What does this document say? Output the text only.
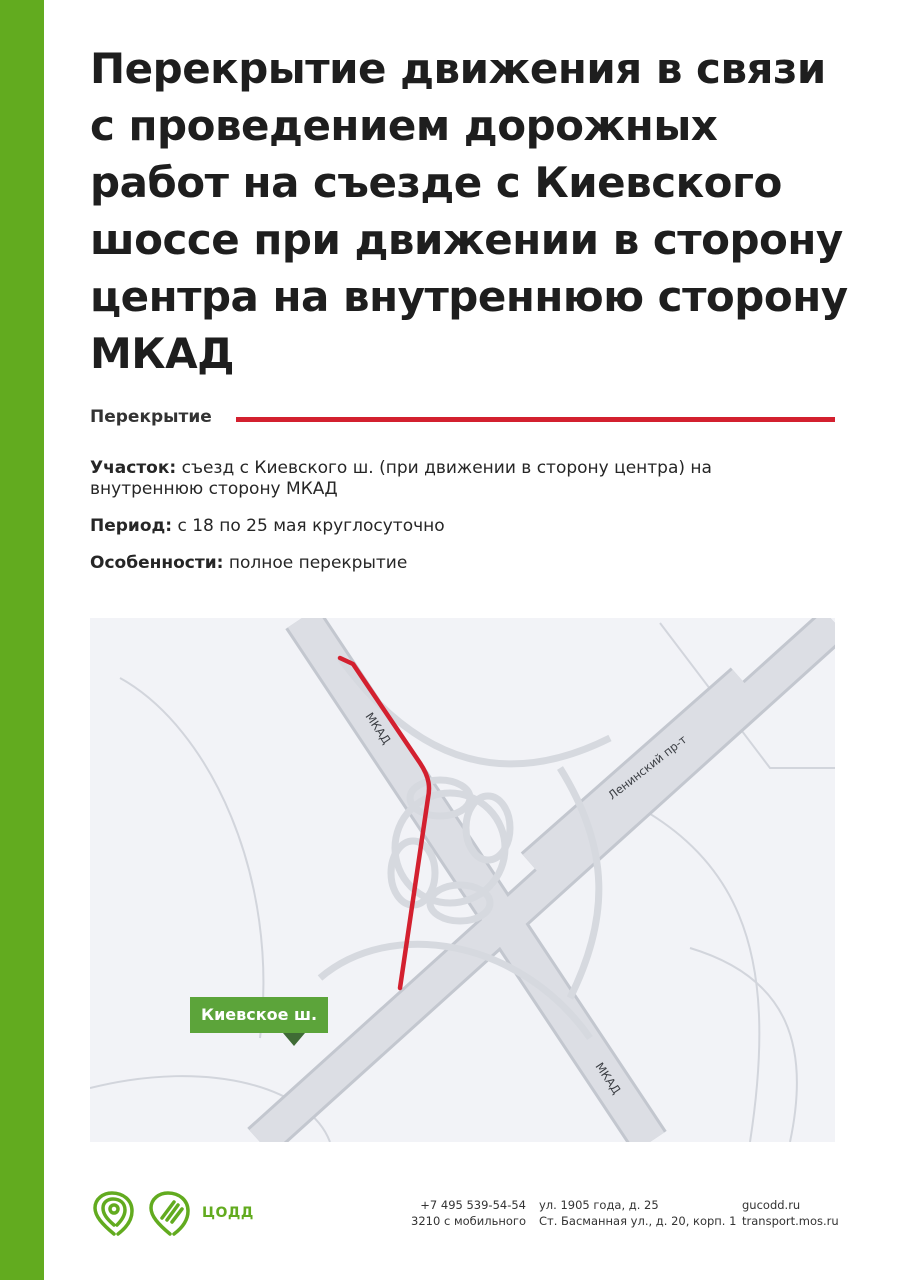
Перекрытие движения в связи с проведением дорожных работ на съезде с Киевского шоссе при движении в сторону центра на внутреннюю сторону МКАД
Перекрытие

Участок: съезд с Киевского ш. (при движении в сторону центра) на внутреннюю сторону МКАД

Период: с 18 по 25 мая круглосуточно

Особенности: полное перекрытие

МКАД
МКАД
Ленинский пр-т
Киевское ш.
ЦОДД	+7 495 539-54-54
3210 с мобильного
ул. 1905 года, д. 25
Ст. Басманная ул., д. 20, корп. 1
gucodd.ru
transport.mos.ru
